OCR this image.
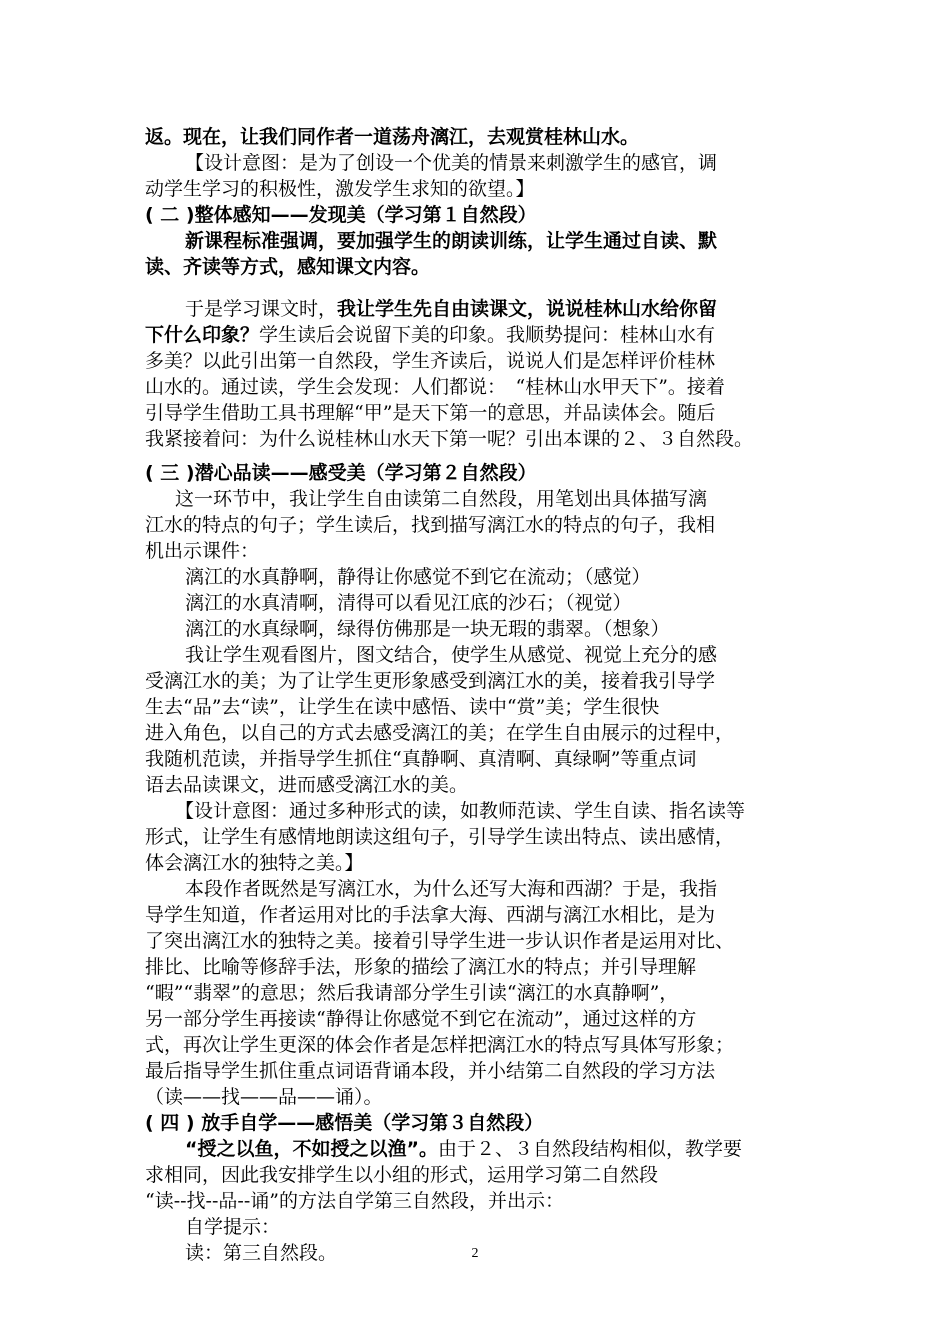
返。现在，让我们同作者一道荡舟漓江，去观赏桂林山水。
【设计意图：是为了创设一个优美的情景来刺激学生的感官，调
动学生学习的积极性，激发学生求知的欲望。】
( 二 )整体感知——发现美（学习第１自然段）
新课程标准强调，要加强学生的朗读训练，让学生通过自读、默
读、齐读等方式，感知课文内容。
于是学习课文时，我让学生先自由读课文，说说桂林山水给你留
下什么印象？学生读后会说留下美的印象。我顺势提问：桂林山水有
多美？以此引出第一自然段，学生齐读后，说说人们是怎样评价桂林
山水的。通过读，学生会发现：人们都说：　“桂林山水甲天下”。接着
引导学生借助工具书理解“甲”是天下第一的意思，并品读体会。随后
我紧接着问：为什么说桂林山水天下第一呢？引出本课的２、３自然段。
( 三 )潜心品读——感受美（学习第２自然段）
这一环节中，我让学生自由读第二自然段，用笔划出具体描写漓
江水的特点的句子；学生读后，找到描写漓江水的特点的句子，我相
机出示课件：
漓江的水真静啊，静得让你感觉不到它在流动；（感觉）
漓江的水真清啊，清得可以看见江底的沙石；（视觉）
漓江的水真绿啊，绿得仿佛那是一块无瑕的翡翠。（想象）
我让学生观看图片，图文结合，使学生从感觉、视觉上充分的感
受漓江水的美；为了让学生更形象感受到漓江水的美，接着我引导学
生去“品”去“读”，让学生在读中感悟、读中“赏”美；学生很快
进入角色，以自己的方式去感受漓江的美；在学生自由展示的过程中，
我随机范读，并指导学生抓住“真静啊、真清啊、真绿啊”等重点词
语去品读课文，进而感受漓江水的美。
【设计意图：通过多种形式的读，如教师范读、学生自读、指名读等
形式，让学生有感情地朗读这组句子，引导学生读出特点、读出感情，
体会漓江水的独特之美。】
本段作者既然是写漓江水，为什么还写大海和西湖？于是，我指
导学生知道，作者运用对比的手法拿大海、西湖与漓江水相比，是为
了突出漓江水的独特之美。接着引导学生进一步认识作者是运用对比、
排比、比喻等修辞手法，形象的描绘了漓江水的特点；并引导理解
“暇”“翡翠”的意思；然后我请部分学生引读“漓江的水真静啊”，
另一部分学生再接读“静得让你感觉不到它在流动”，通过这样的方
式，再次让学生更深的体会作者是怎样把漓江水的特点写具体写形象；
最后指导学生抓住重点词语背诵本段，并小结第二自然段的学习方法
（读——找——品——诵）。
( 四 ) 放手自学——感悟美（学习第３自然段）
“授之以鱼，不如授之以渔”。由于２、３自然段结构相似，教学要
求相同，因此我安排学生以小组的形式，运用学习第二自然段
“读--找--品--诵”的方法自学第三自然段，并出示：
自学提示：
读：第三自然段。	2
